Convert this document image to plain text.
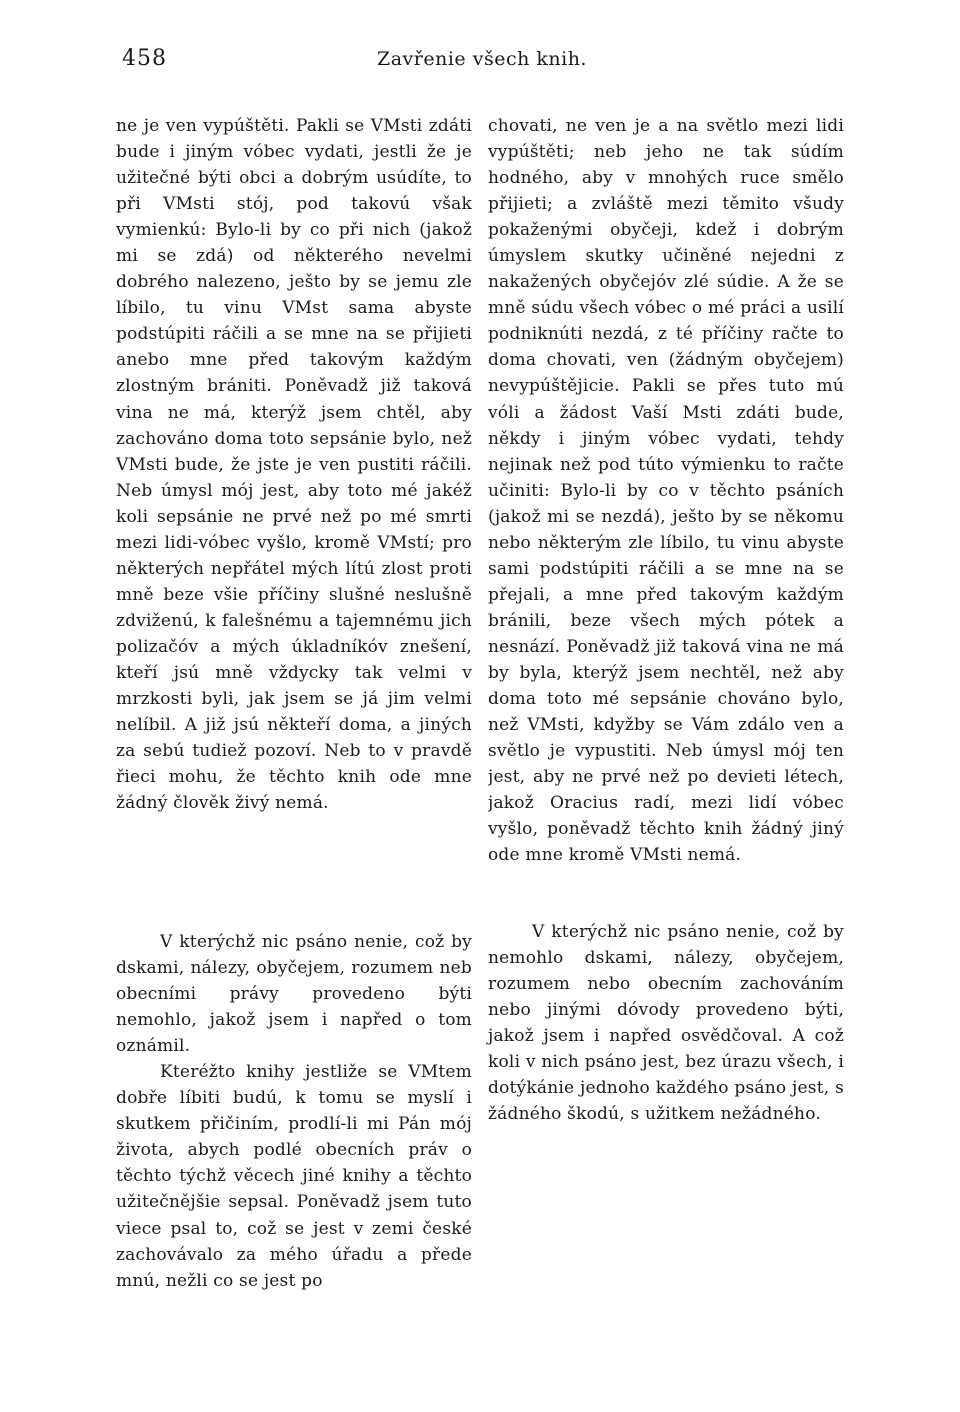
458	Zavřenie všech knih.

ne je ven vypúštěti. Pakli se VMsti zdáti bude i jiným vóbec vydati, jestli že je užitečné býti obci a dobrým usúdíte, to při VMsti stój, pod takovú však vymienkú: Bylo-li by co při nich (jakož mi se zdá) od některého nevelmi dobrého nalezeno, ještо by se jemu zle líbilo, tu vinu VMst sama abyste podstúpiti ráčili a se mne na se přijieti anebo mne před takovým každým zlostným brániti. Poněvadž již taková vina ne má, kterýž jsem chtěl, aby zachováno doma toto sepsánie bylo, než VMsti bude, že jste je ven pustiti ráčili. Neb úmysl mój jest, aby toto mé jakéž koli sepsánie ne prvé než po mé smrti mezi lidi-vóbec vyšlo, kromě VMstí; pro některých nepřátel mých lítú zlost proti mně beze všie příčiny slušné neslušně zdviženú, k falešnému a tajemnému jich polizačóv a mých úkladníkóv znešení, kteří jsú mně vždycky tak velmi v mrzkosti byli, jak jsem se já jim velmi nelíbil. A již jsú někteří doma, a jiných za sebú tudiež pozoví. Neb to v pravdě řieci mohu, že těchto knih ode mne žádný člověk živý nemá.

V kterýchž nic psáno nenie, což by dskami, nálezy, obyčejem, rozumem neb obecními právy provedeno býti nemohlo, jakož jsem i napřed o tom oznámil.

Kteréžto knihy jestliže se VMtem dobře líbiti budú, k tomu se myslí i skutkem přičiním, prodlí-li mi Pán mój života, abych podlé obecních práv o těchto týchž věcech jiné knihy a těchto užitečnějšie sepsal. Poněvadž jsem tuto viece psal to, což se jest v zemi české zachovávalo za mého úřadu a přede mnú, nežli co se jest po

chovati, ne ven je a na světlo mezi lidi vypúštěti; neb jeho ne tak súdím hodného, aby v mnohých ruce smělo přijieti; a zvláště mezi těmito všudy pokaženými obyčeji, kdež i dobrým úmyslem skutky učiněné nejedni z nakažených obyčejóv zlé súdie. A že se mně súdu všech vóbec o mé práci a usilí podniknúti nezdá, z té příčiny račte to doma chovati, ven (žádným obyčejem) nevypúštějicie. Pakli se přes tuto mú vóli a žádost Vaší Msti zdáti bude, někdy i jiným vóbec vydati, tehdy nejinak než pod túto výmienku to račte učiniti: Bylo-li by co v těchto psáních (jakož mi se nezdá), ještо by se někomu nebo některým zle líbilo, tu vinu abyste sami podstúpiti ráčili a se mne na se přejali, a mne před takovým každým bránili, beze všech mých pótek a nesnází. Poněvadž již taková vina ne má by byla, kterýž jsem nechtěl, než aby doma toto mé sepsánie chováno bylo, než VMsti, kdyžby se Vám zdálo ven a světlo je vypustiti. Neb úmysl mój ten jest, aby ne prvé než po devieti létech, jakož Oracius radí, mezi lidí vóbec vyšlo, poněvadž těchto knih žádný jiný ode mne kromě VMsti nemá.

V kterýchž nic psáno nenie, což by nemohlo dskami, nálezy, obyčejem, rozumem nebo obecním zachováním nebo jinými dóvody provedeno býti, jakož jsem i napřed osvědčoval. A což koli v nich psáno jest, bez úrazu všech, i dotýkánie jednoho každého psáno jest, s žádného škodú, s užitkem nežádného.
